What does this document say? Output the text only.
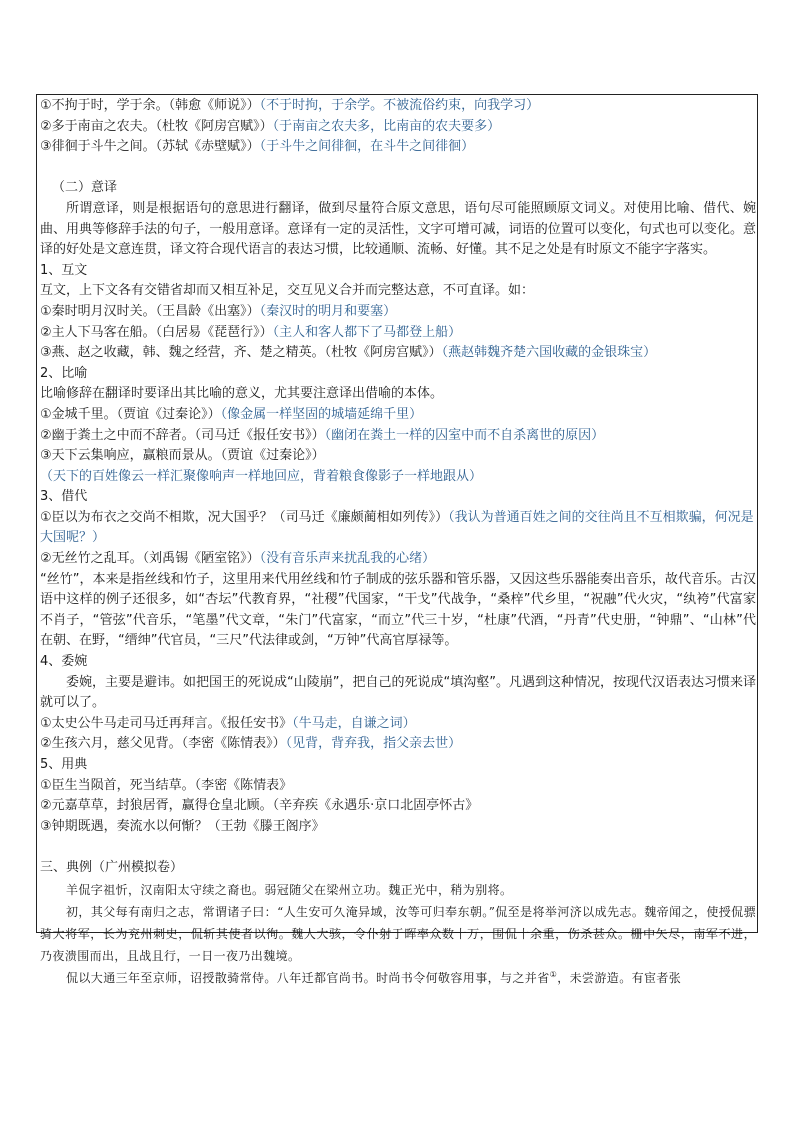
①不拘于时，学于余。（韩愈《师说》）（不于时拘，于余学。不被流俗约束，向我学习）
②多于南亩之农夫。（杜牧《阿房宫赋》）（于南亩之农夫多，比南亩的农夫要多）
③徘徊于斗牛之间。（苏轼《赤壁赋》）（于斗牛之间徘徊，在斗牛之间徘徊）
（二）意译
所谓意译，则是根据语句的意思进行翻译，做到尽量符合原文意思，语句尽可能照顾原文词义。对使用比喻、借代、婉曲、用典等修辞手法的句子，一般用意译。意译有一定的灵活性，文字可增可减，词语的位置可以变化，句式也可以变化。意译的好处是文意连贯，译文符合现代语言的表达习惯，比较通顺、流畅、好懂。其不足之处是有时原文不能字字落实。
1、互文
互文，上下文各有交错省却而又相互补足，交互见义合并而完整达意，不可直译。如：
①秦时明月汉时关。（王昌龄《出塞》）（秦汉时的明月和要塞）
②主人下马客在船。（白居易《琵琶行》）（主人和客人都下了马都登上船）
③燕、赵之收藏，韩、魏之经营，齐、楚之精英。（杜牧《阿房宫赋》）（燕赵韩魏齐楚六国收藏的金银珠宝）
2、比喻
比喻修辞在翻译时要译出其比喻的意义，尤其要注意译出借喻的本体。
①金城千里。（贾谊《过秦论》）（像金属一样坚固的城墙延绵千里）
②幽于粪土之中而不辞者。（司马迁《报任安书》）（幽闭在粪土一样的囚室中而不自杀离世的原因）
③天下云集响应，赢粮而景从。（贾谊《过秦论》）（天下的百姓像云一样汇聚像响声一样地回应，背着粮食像影子一样地跟从）
3、借代
①臣以为布衣之交尚不相欺，况大国乎？（司马迁《廉颇蔺相如列传》）（我认为普通百姓之间的交往尚且不互相欺骗，何况是大国呢？）
②无丝竹之乱耳。（刘禹锡《陋室铭》）（没有音乐声来扰乱我的心绪）
“丝竹”，本来是指丝线和竹子，这里用来代用丝线和竹子制成的弦乐器和管乐器，又因这些乐器能奏出音乐，故代音乐。古汉语中这样的例子还很多，如“杏坛”代教育界，“社稷”代国家，“干戈”代战争，“桑梓”代乡里，“祝融”代火灾，“纨袴”代富家不肖子，“管弦”代音乐，“笔墨”代文章，“朱门”代富家，“而立”代三十岁，“杜康”代酒，“丹青”代史册，“钟鼎”、“山林”代在朝、在野，“缙绅”代官员，“三尺”代法律或剑，“万钟”代高官厚禄等。
4、委婉
委婉，主要是避讳。如把国王的死说成“山陵崩”，把自己的死说成“填沟壑”。凡遇到这种情况，按现代汉语表达习惯来译就可以了。
①太史公牛马走司马迁再拜言。《报任安书》（牛马走，自谦之词）
②生孩六月，慈父见背。（李密《陈情表》）（见背，背弃我，指父亲去世）
5、用典
①臣生当陨首，死当结草。（李密《陈情表》
②元嘉草草，封狼居胥，赢得仓皇北顾。（辛弃疾《永遇乐·京口北固亭怀古》
③钟期既遇，奏流水以何惭？（王勃《滕王阁序》
三、典例（广州模拟卷）
羊侃字祖忻，汉南阳太守续之裔也。弱冠随父在梁州立功。魏正光中，稍为别将。
初，其父每有南归之志，常谓诸子曰：“人生安可久淹异域，汝等可归奉东朝。”侃至是将举河济以成先志。魏帝闻之，使授侃骠骑大将军，长为兖州刺史，侃斩其使者以徇。魏人大骇，令仆射于晖率众数十万，围侃十余重，伤杀甚众。栅中矢尽，南军不进，乃夜溃围而出，且战且行，一日一夜乃出魏境。
侃以大通三年至京师，诏授散骑常侍。八年迁都官尚书。时尚书令何敬容用事，与之并省①，未尝游造。有宦者张
